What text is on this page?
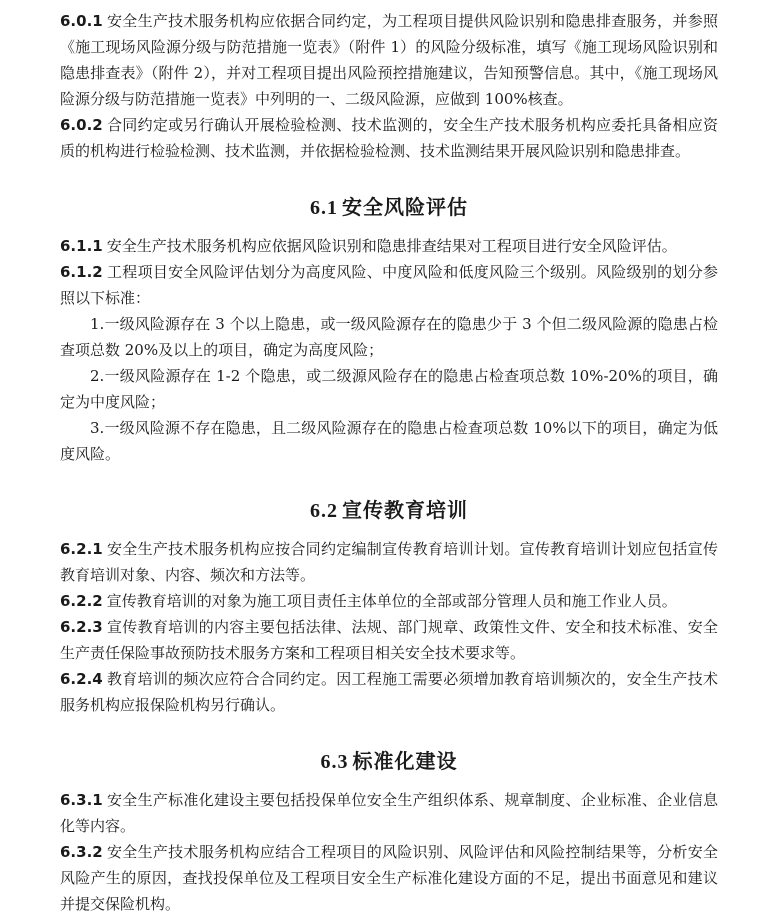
6.0.1 安全生产技术服务机构应依据合同约定，为工程项目提供风险识别和隐患排查服务，并参照《施工现场风险源分级与防范措施一览表》（附件 1）的风险分级标准，填写《施工现场风险识别和隐患排查表》（附件 2），并对工程项目提出风险预控措施建议，告知预警信息。其中，《施工现场风险源分级与防范措施一览表》中列明的一、二级风险源，应做到 100%核查。

6.0.2 合同约定或另行确认开展检验检测、技术监测的，安全生产技术服务机构应委托具备相应资质的机构进行检验检测、技术监测，并依据检验检测、技术监测结果开展风险识别和隐患排查。

6.1 安全风险评估

6.1.1 安全生产技术服务机构应依据风险识别和隐患排查结果对工程项目进行安全风险评估。

6.1.2 工程项目安全风险评估划分为高度风险、中度风险和低度风险三个级别。风险级别的划分参照以下标准：

1.一级风险源存在 3 个以上隐患，或一级风险源存在的隐患少于 3 个但二级风险源的隐患占检查项总数 20%及以上的项目，确定为高度风险；

2.一级风险源存在 1-2 个隐患，或二级源风险存在的隐患占检查项总数 10%-20%的项目，确定为中度风险；

3.一级风险源不存在隐患，且二级风险源存在的隐患占检查项总数 10%以下的项目，确定为低度风险。

6.2 宣传教育培训

6.2.1 安全生产技术服务机构应按合同约定编制宣传教育培训计划。宣传教育培训计划应包括宣传教育培训对象、内容、频次和方法等。

6.2.2 宣传教育培训的对象为施工项目责任主体单位的全部或部分管理人员和施工作业人员。

6.2.3 宣传教育培训的内容主要包括法律、法规、部门规章、政策性文件、安全和技术标准、安全生产责任保险事故预防技术服务方案和工程项目相关安全技术要求等。

6.2.4 教育培训的频次应符合合同约定。因工程施工需要必须增加教育培训频次的，安全生产技术服务机构应报保险机构另行确认。

6.3 标准化建设

6.3.1 安全生产标准化建设主要包括投保单位安全生产组织体系、规章制度、企业标准、企业信息化等内容。

6.3.2 安全生产技术服务机构应结合工程项目的风险识别、风险评估和风险控制结果等，分析安全风险产生的原因，查找投保单位及工程项目安全生产标准化建设方面的不足，提出书面意见和建议并提交保险机构。
